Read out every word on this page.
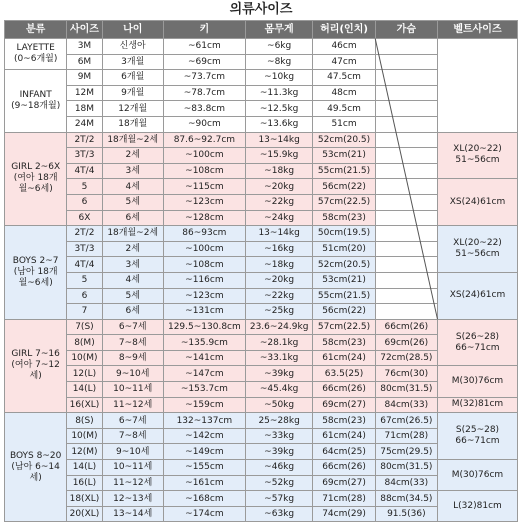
의류사이즈
분류	사이즈	나이	키	몸무게	허리(인치)	가슴	벨트사이즈
LAYETTE
(0~6개월)	3M	신생아	~61cm	~6kg	46cm		
	6M	3개월	~69cm	~8kg	47cm		
INFANT
(9~18개월)	9M	6개월	~73.7cm	~10kg	47.5cm		
	12M	9개월	~78.7cm	~11.3kg	48cm		
	18M	12개월	~83.8cm	~12.5kg	49.5cm		
	24M	18개월	~90cm	~13.6kg	51cm		
GIRL 2~6X
(여아 18개
월~6세)	2T/2	18개월~2세	87.6~92.7cm	13~14kg	52cm(20.5)		XL(20~22)
51~56cm
	3T/3	2세	~100cm	~15.9kg	53cm(21)		
	4T/4	3세	~108cm	~18kg	55cm(21.5)		
	5	4세	~115cm	~20kg	56cm(22)		XS(24)61cm
	6	5세	~123cm	~22kg	57cm(22.5)		
	6X	6세	~128cm	~24kg	58cm(23)		
BOYS 2~7
(남아 18개
월~6세)	2T/2	18개월~2세	86~93cm	13~14kg	50cm(19.5)		XL(20~22)
51~56cm
	3T/3	2세	~100cm	~16kg	51cm(20)		
	4T/4	3세	~108cm	~18kg	52cm(20.5)		
	5	4세	~116cm	~20kg	53cm(21)		XS(24)61cm
	6	5세	~123cm	~22kg	55cm(21.5)		
	7	6세	~131cm	~25kg	56cm(22)		
GIRL 7~16
(여아 7~12
세)	7(S)	6~7세	129.5~130.8cm	23.6~24.9kg	57cm(22.5)	66cm(26)	S(26~28)
66~71cm
	8(M)	7~8세	~135.9cm	~28.1kg	58cm(23)	69cm(26)	
	10(M)	8~9세	~141cm	~33.1kg	61cm(24)	72cm(28.5)	
	12(L)	9~10세	~147cm	~39kg	63.5(25)	76cm(30)	M(30)76cm
	14(L)	10~11세	~153.7cm	~45.4kg	66cm(26)	80cm(31.5)	
	16(XL)	11~12세	~159cm	~50kg	69cm(27)	84cm(33)	M(32)81cm
BOYS 8~20
(남아 6~14
세)	8(S)	6~7세	132~137cm	25~28kg	58cm(23)	67cm(26.5)	S(25~28)
66~71cm
	10(M)	7~8세	~142cm	~33kg	61cm(24)	71cm(28)	
	12(M)	9~10세	~149cm	~39kg	64cm(25)	75cm(29.5)	
	14(L)	10~11세	~155cm	~46kg	66cm(26)	80cm(31.5)	M(30)76cm
	16(L)	11~12세	~161cm	~52kg	69cm(27)	84cm(33)	
	18(XL)	12~13세	~168cm	~57kg	71cm(28)	88cm(34.5)	L(32)81cm
	20(XL)	13~14세	~174cm	~63kg	74cm(29)	91.5(36)	
